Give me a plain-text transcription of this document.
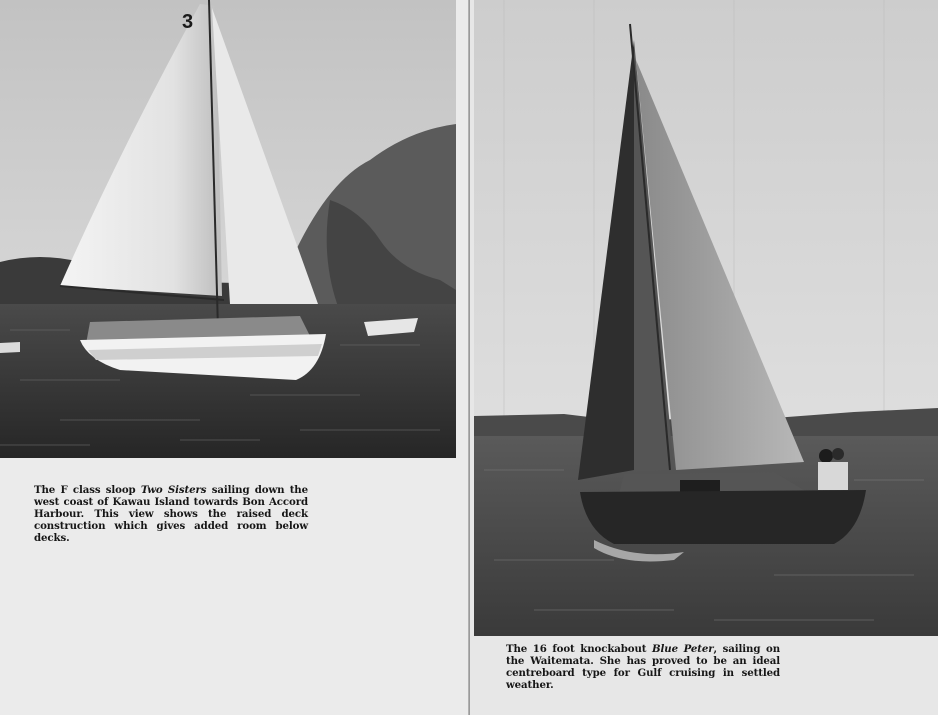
3

The F class sloop Two Sisters sailing down the west coast of Kawau Island towards Bon Accord Harbour. This view shows the raised deck construction which gives added room below decks.

The 16 foot knockabout Blue Peter, sailing on the Waitemata. She has proved to be an ideal centreboard type for Gulf cruising in settled weather.
